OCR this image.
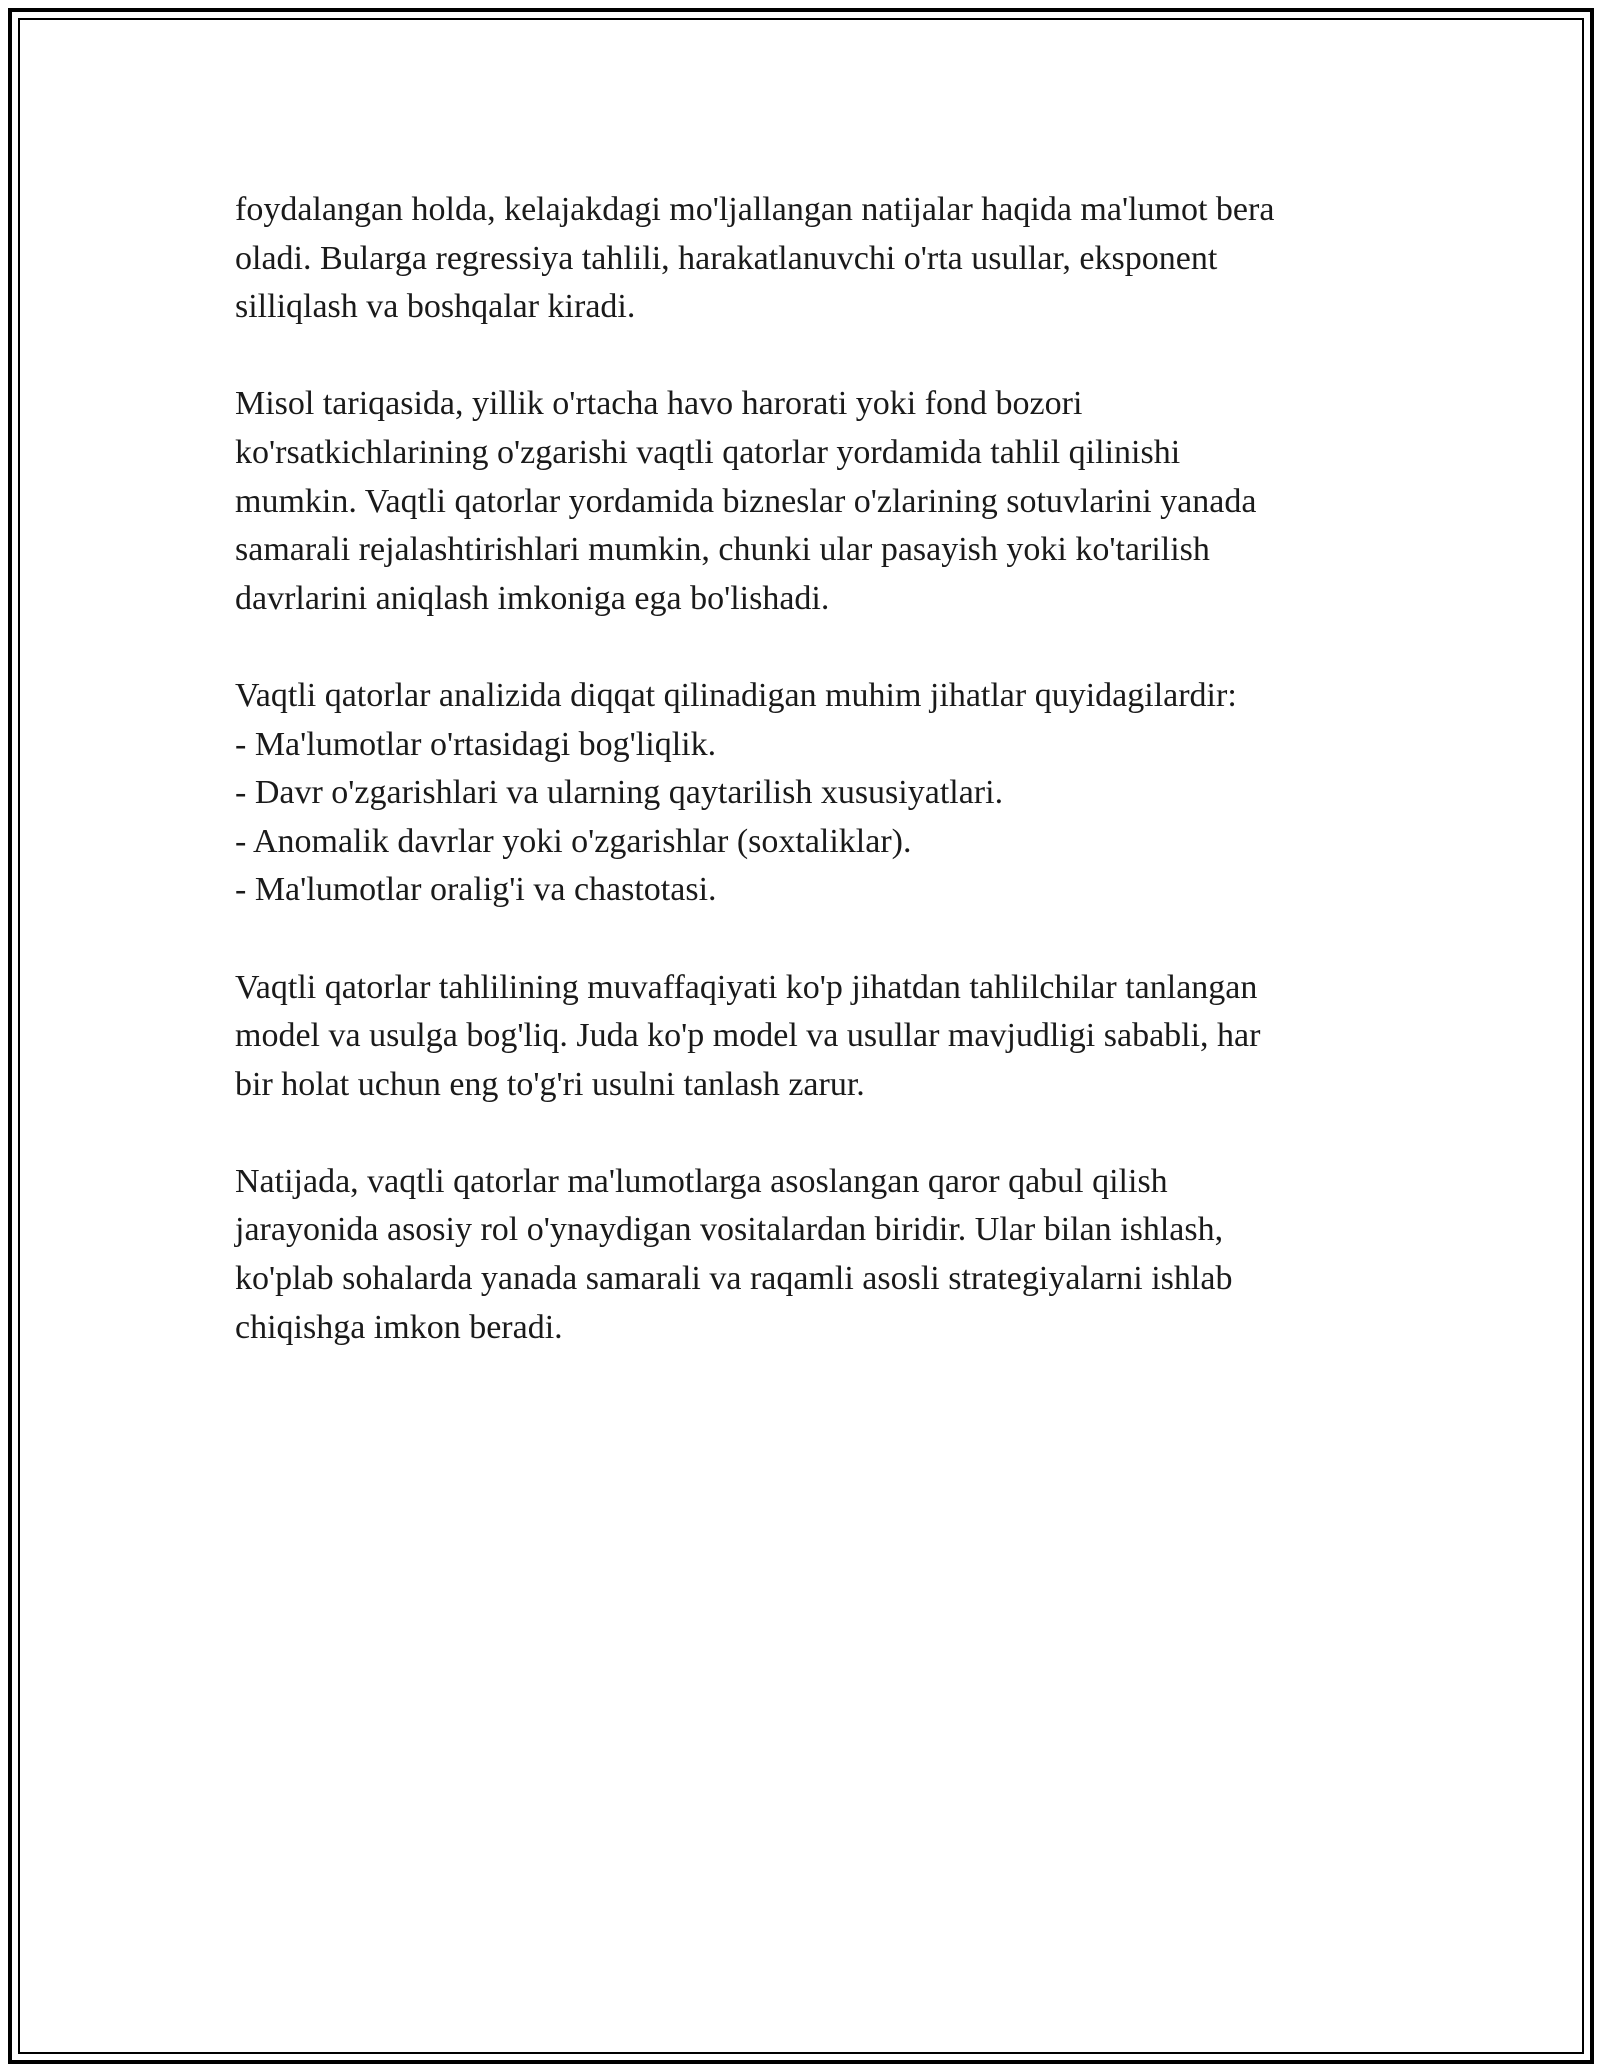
foydalangan holda, kelajakdagi mo'ljallangan natijalar haqida ma'lumot bera
oladi. Bularga regressiya tahlili, harakatlanuvchi o'rta usullar, eksponent
silliqlash va boshqalar kiradi.

Misol tariqasida, yillik o'rtacha havo harorati yoki fond bozori
ko'rsatkichlarining o'zgarishi vaqtli qatorlar yordamida tahlil qilinishi
mumkin. Vaqtli qatorlar yordamida bizneslar o'zlarining sotuvlarini yanada
samarali rejalashtirishlari mumkin, chunki ular pasayish yoki ko'tarilish
davrlarini aniqlash imkoniga ega bo'lishadi.

Vaqtli qatorlar analizida diqqat qilinadigan muhim jihatlar quyidagilardir:
- Ma'lumotlar o'rtasidagi bog'liqlik.
- Davr o'zgarishlari va ularning qaytarilish xususiyatlari.
- Anomalik davrlar yoki o'zgarishlar (soxtaliklar).
- Ma'lumotlar oralig'i va chastotasi.

Vaqtli qatorlar tahlilining muvaffaqiyati ko'p jihatdan tahlilchilar tanlangan
model va usulga bog'liq. Juda ko'p model va usullar mavjudligi sababli, har
bir holat uchun eng to'g'ri usulni tanlash zarur.

Natijada, vaqtli qatorlar ma'lumotlarga asoslangan qaror qabul qilish
jarayonida asosiy rol o'ynaydigan vositalardan biridir. Ular bilan ishlash,
ko'plab sohalarda yanada samarali va raqamli asosli strategiyalarni ishlab
chiqishga imkon beradi.
